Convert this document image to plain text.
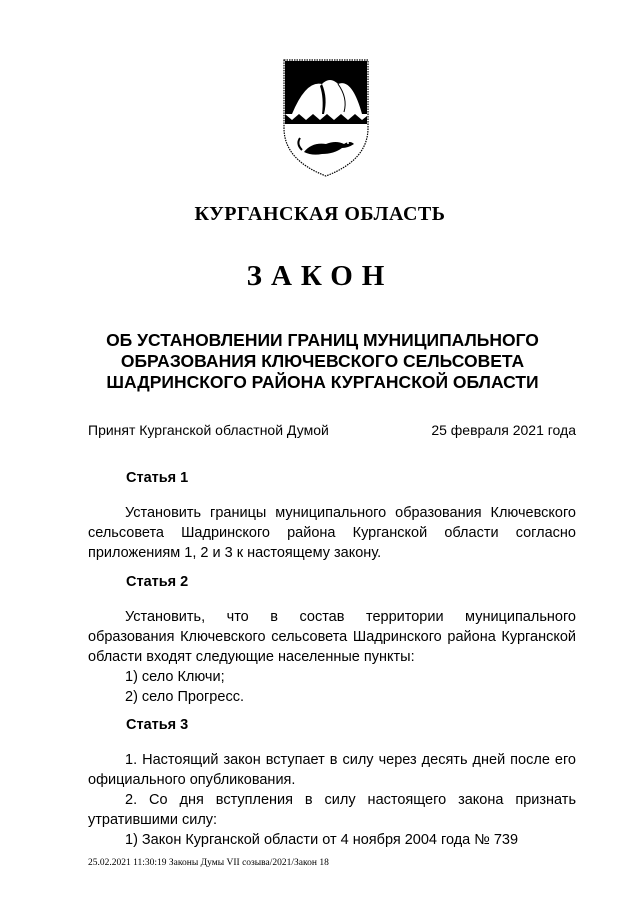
КУРГАНСКАЯ ОБЛАСТЬ
ЗАКОН
ОБ УСТАНОВЛЕНИИ ГРАНИЦ МУНИЦИПАЛЬНОГО
ОБРАЗОВАНИЯ КЛЮЧЕВСКОГО СЕЛЬСОВЕТА
ШАДРИНСКОГО РАЙОНА КУРГАНСКОЙ ОБЛАСТИ
Принят Курганской областной Думой	25 февраля 2021 года
Статья 1
Установить границы муниципального образования Ключевского сельсовета Шадринского района Курганской области согласно приложениям 1, 2 и 3 к настоящему закону.
Статья 2
Установить, что в состав территории муниципального образования Ключевского сельсовета Шадринского района Курганской области входят следующие населенные пункты:
1) село Ключи;
2) село Прогресс.
Статья 3
1. Настоящий закон вступает в силу через десять дней после его официального опубликования.
2. Со дня вступления в силу настоящего закона признать утратившими силу:
1) Закон Курганской области от 4 ноября 2004 года № 739
25.02.2021 11:30:19 Законы Думы VII созыва/2021/Закон 18
